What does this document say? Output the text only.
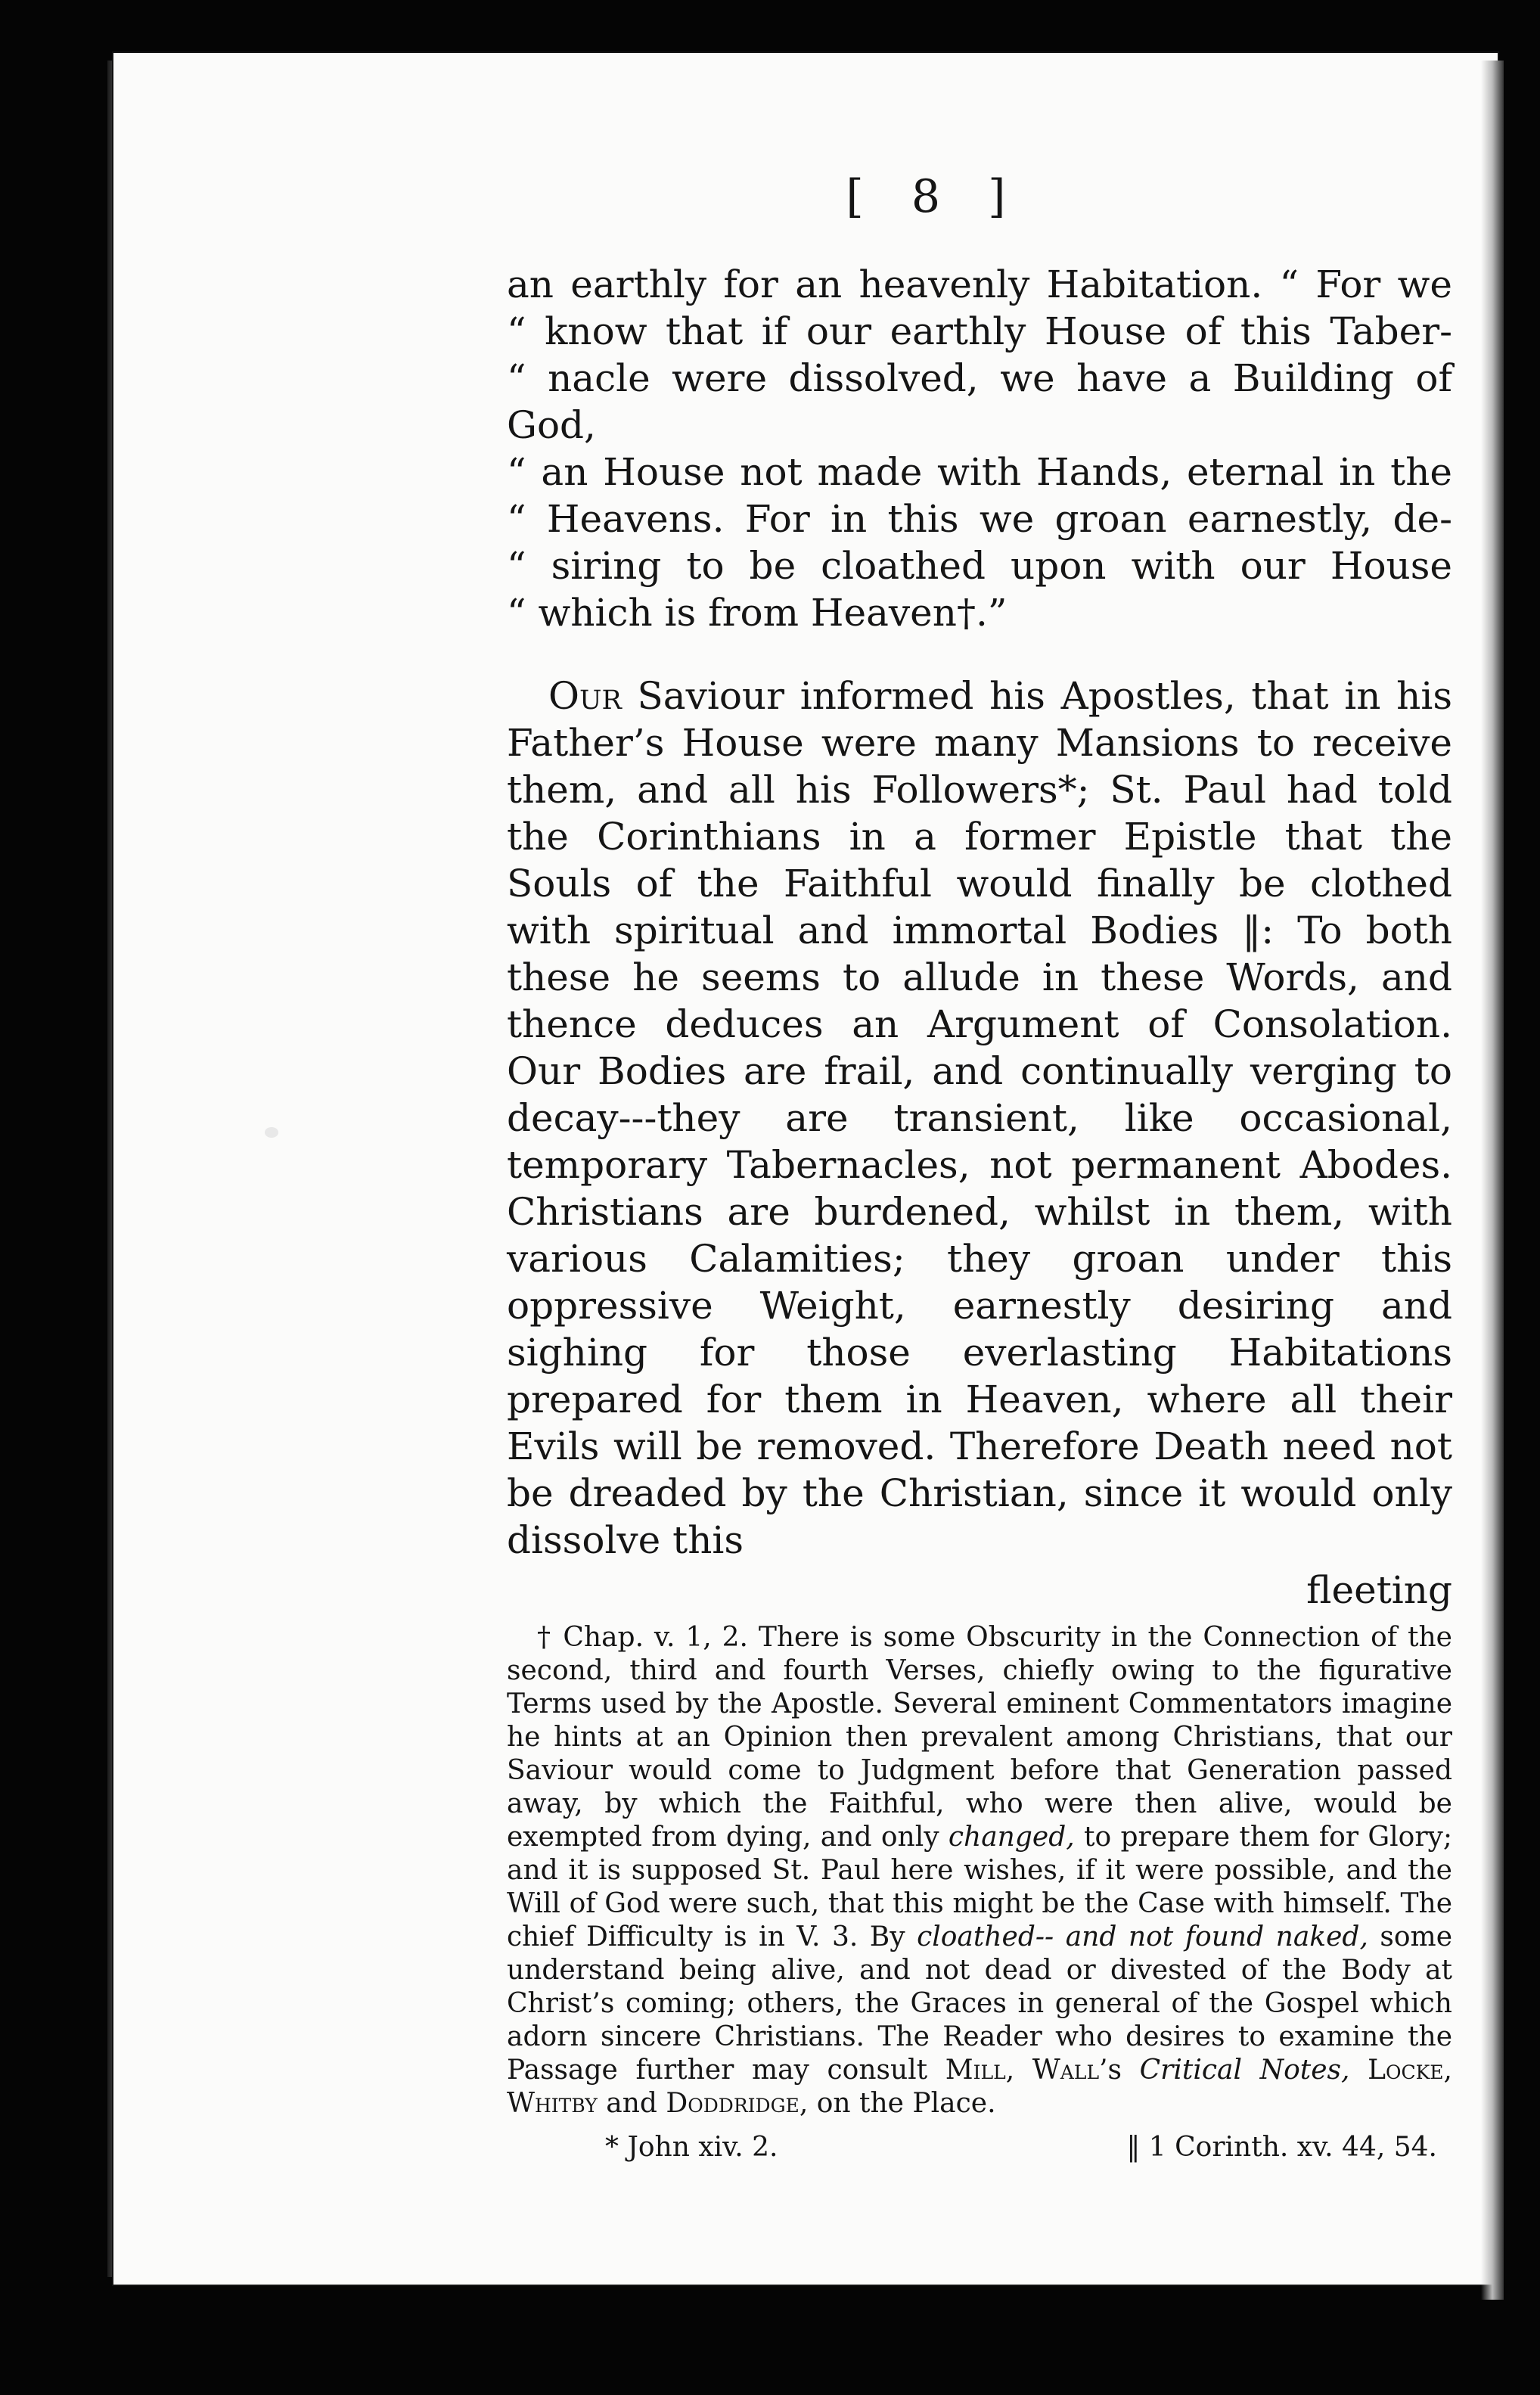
[ 8 ]

an earthly for an heavenly Habitation. “ For we
“ know that if our earthly House of this Taber-
“ nacle were dissolved, we have a Building of God,
“ an House not made with Hands, eternal in the
“ Heavens. For in this we groan earnestly, de-
“ siring to be cloathed upon with our House
“ which is from Heaven†.”

Our Saviour informed his Apostles, that in his Father’s House were many Mansions to receive them, and all his Followers*; St. Paul had told the Corinthians in a former Epistle that the Souls of the Faithful would finally be clothed with spiritual and immortal Bodies ‖: To both these he seems to allude in these Words, and thence deduces an Argument of Consolation. Our Bodies are frail, and continually verging to decay---they are transient, like occasional, temporary Tabernacles, not permanent Abodes. Christians are burdened, whilst in them, with various Calamities; they groan under this oppressive Weight, earnestly desiring and sighing for those everlasting Habitations prepared for them in Heaven, where all their Evils will be removed. Therefore Death need not be dreaded by the Christian, since it would only dissolve this

fleeting
† Chap. v. 1, 2. There is some Obscurity in the Connection of the second, third and fourth Verses, chiefly owing to the figurative Terms used by the Apostle. Several eminent Commentators imagine he hints at an Opinion then prevalent among Christians, that our Saviour would come to Judgment before that Generation passed away, by which the Faithful, who were then alive, would be exempted from dying, and only changed, to prepare them for Glory; and it is supposed St. Paul here wishes, if it were possible, and the Will of God were such, that this might be the Case with himself. The chief Difficulty is in V. 3. By cloathed-- and not found naked, some understand being alive, and not dead or divested of the Body at Christ’s coming; others, the Graces in general of the Gospel which adorn sincere Christians. The Reader who desires to examine the Passage further may consult Mill, Wall’s Critical Notes, Locke, Whitby and Doddridge, on the Place.
* John xiv. 2.	‖ 1 Corinth. xv. 44, 54.
